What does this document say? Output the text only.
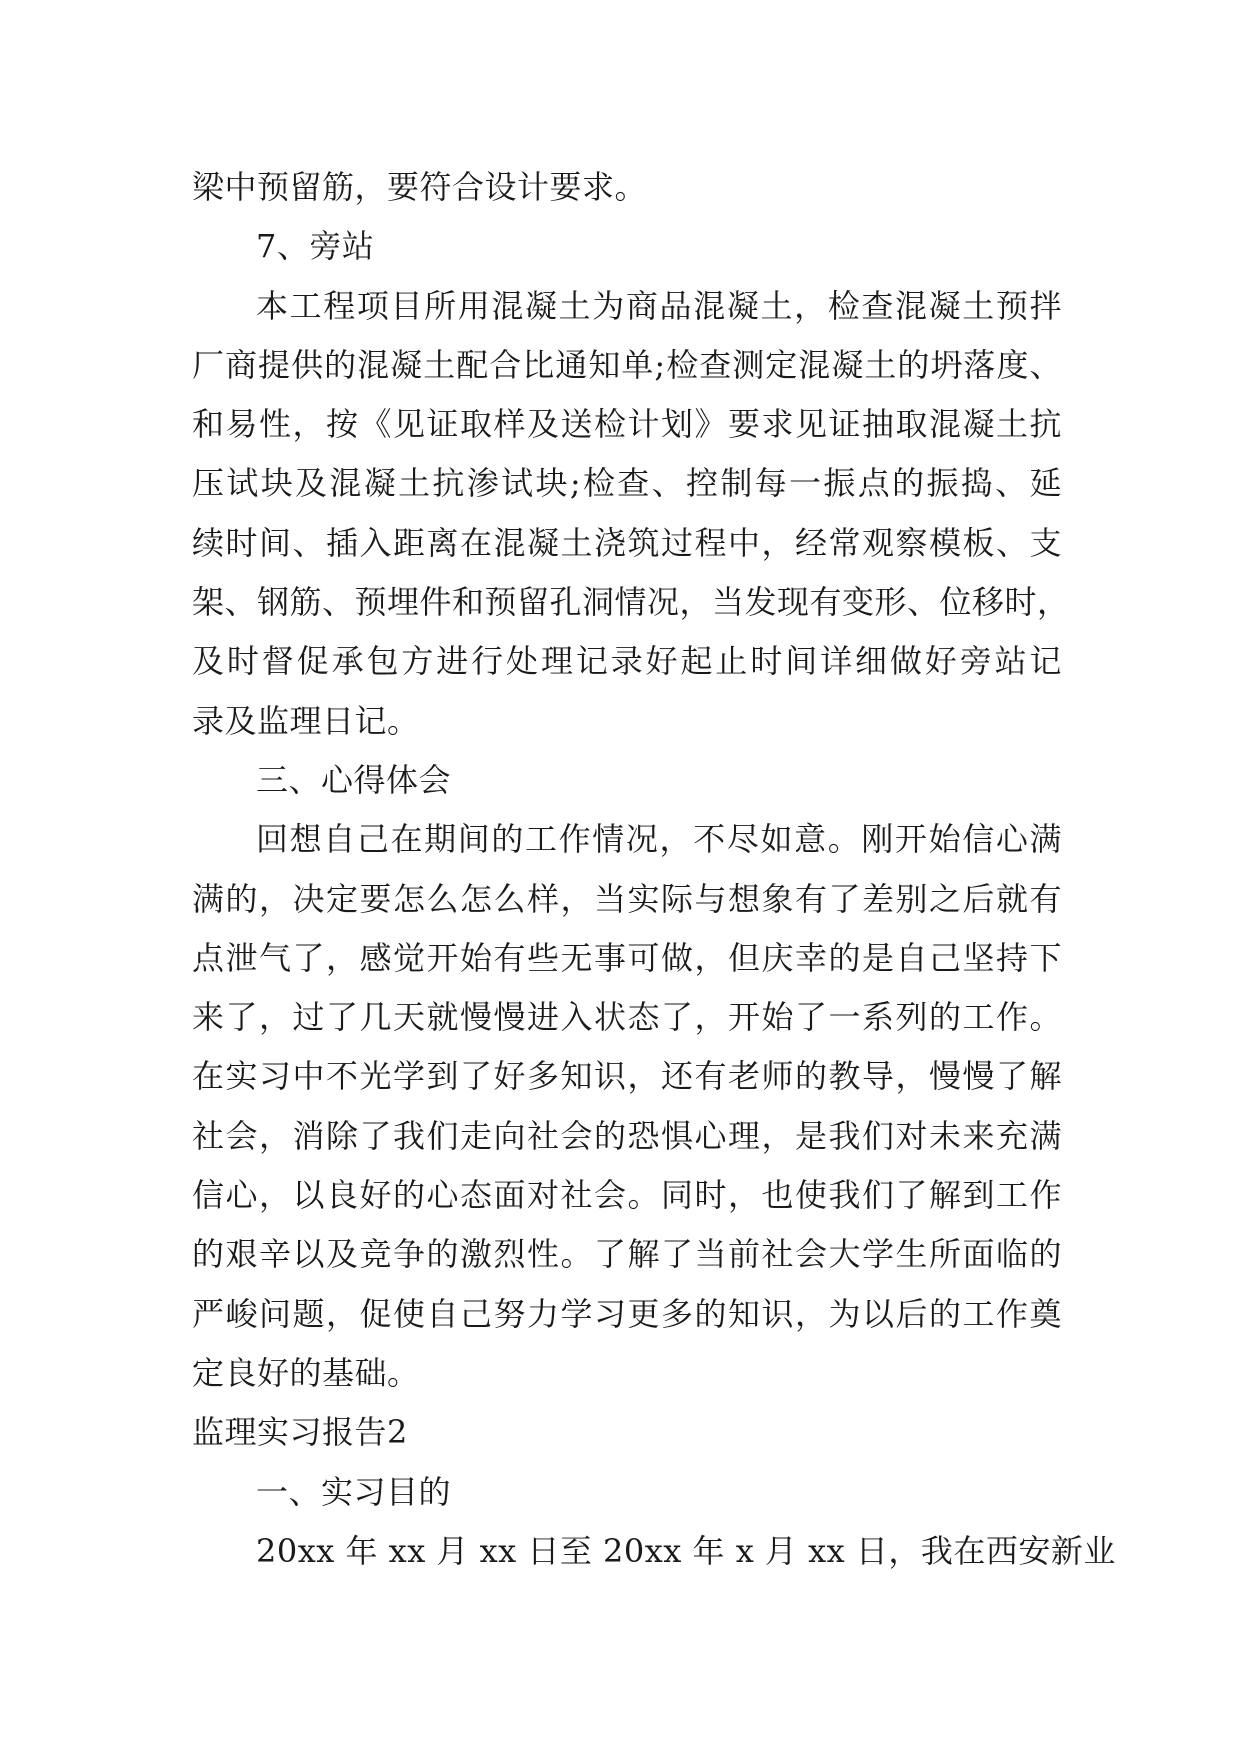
梁中预留筋，要符合设计要求。
7、旁站
本工程项目所用混凝土为商品混凝土，检查混凝土预拌
厂商提供的混凝土配合比通知单;检查测定混凝土的坍落度、
和易性，按《见证取样及送检计划》要求见证抽取混凝土抗
压试块及混凝土抗渗试块;检查、控制每一振点的振捣、延
续时间、插入距离在混凝土浇筑过程中，经常观察模板、支
架、钢筋、预埋件和预留孔洞情况，当发现有变形、位移时，
及时督促承包方进行处理记录好起止时间详细做好旁站记
录及监理日记。
三、心得体会
回想自己在期间的工作情况，不尽如意。刚开始信心满
满的，决定要怎么怎么样，当实际与想象有了差别之后就有
点泄气了，感觉开始有些无事可做，但庆幸的是自己坚持下
来了，过了几天就慢慢进入状态了，开始了一系列的工作。
在实习中不光学到了好多知识，还有老师的教导，慢慢了解
社会，消除了我们走向社会的恐惧心理，是我们对未来充满
信心，以良好的心态面对社会。同时，也使我们了解到工作
的艰辛以及竞争的激烈性。了解了当前社会大学生所面临的
严峻问题，促使自己努力学习更多的知识，为以后的工作奠
定良好的基础。
监理实习报告2
一、实习目的
20xx 年 xx 月 xx 日至 20xx 年 x 月 xx 日，我在西安新业
